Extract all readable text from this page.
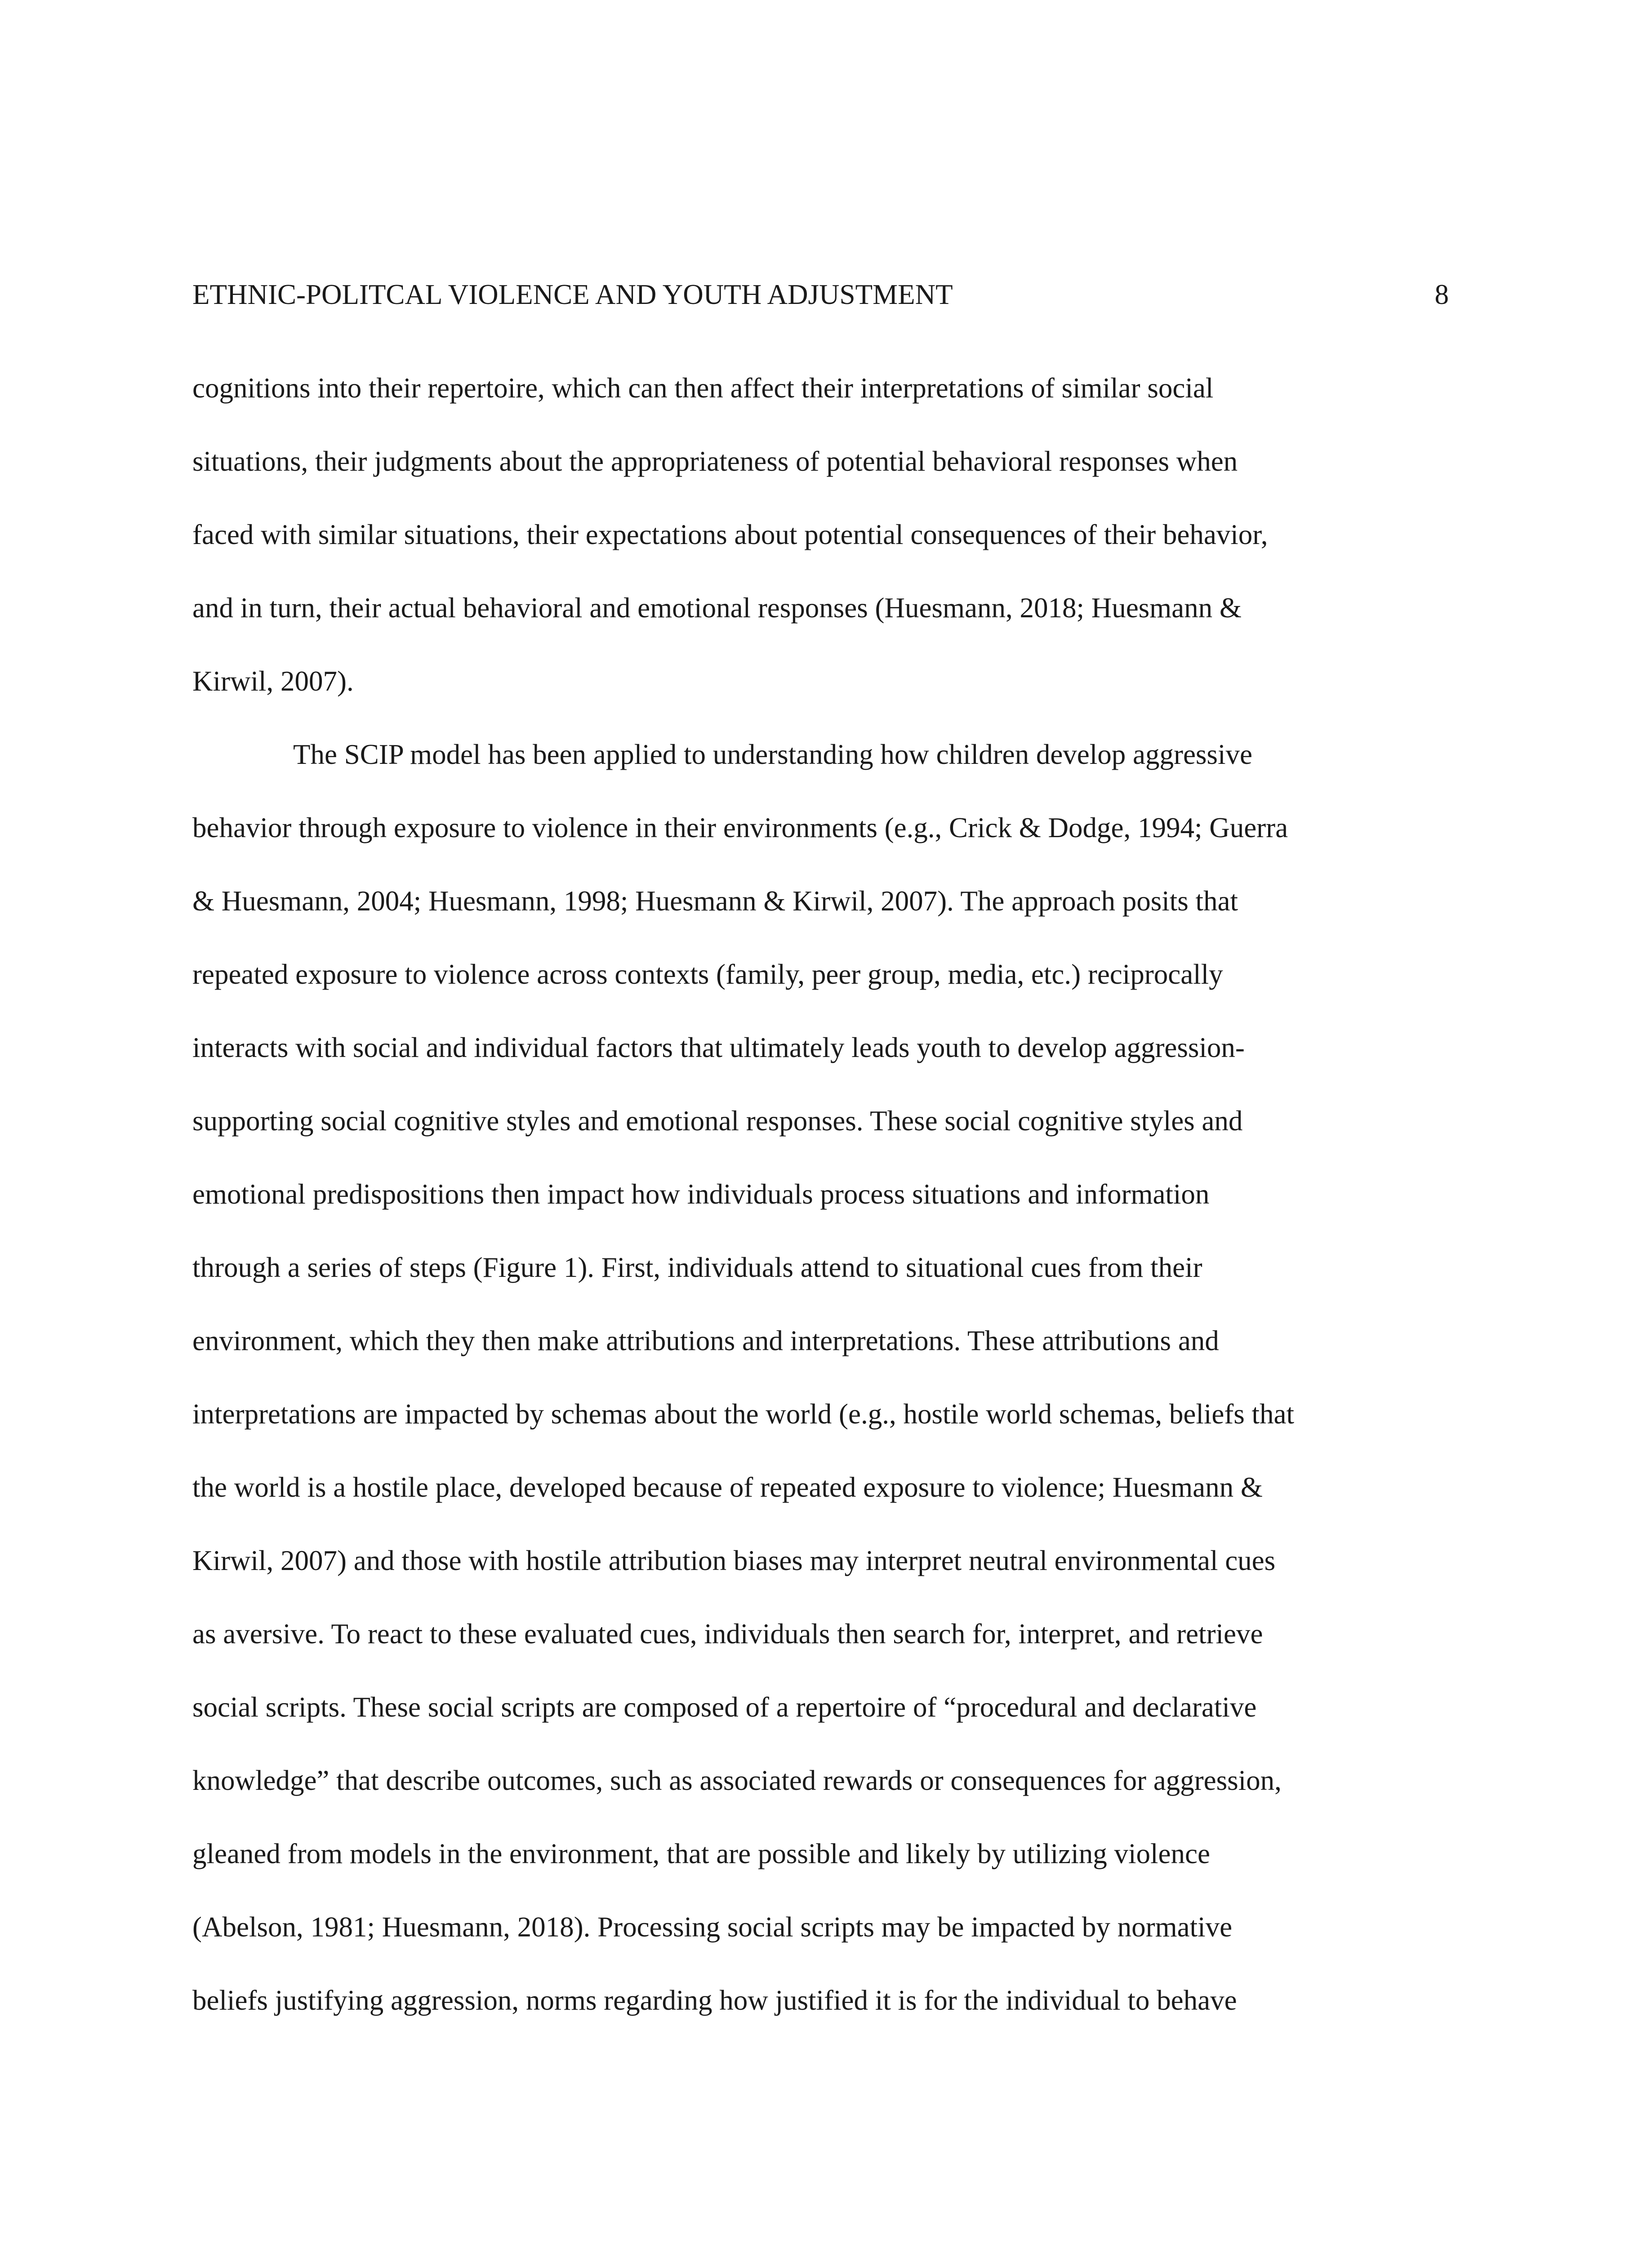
ETHNIC-POLITCAL VIOLENCE AND YOUTH ADJUSTMENT	8
cognitions into their repertoire, which can then affect their interpretations of similar social
situations, their judgments about the appropriateness of potential behavioral responses when
faced with similar situations, their expectations about potential consequences of their behavior,
and in turn, their actual behavioral and emotional responses (Huesmann, 2018; Huesmann &
Kirwil, 2007).
The SCIP model has been applied to understanding how children develop aggressive
behavior through exposure to violence in their environments (e.g., Crick & Dodge, 1994; Guerra
& Huesmann, 2004; Huesmann, 1998; Huesmann & Kirwil, 2007). The approach posits that
repeated exposure to violence across contexts (family, peer group, media, etc.) reciprocally
interacts with social and individual factors that ultimately leads youth to develop aggression-
supporting social cognitive styles and emotional responses. These social cognitive styles and
emotional predispositions then impact how individuals process situations and information
through a series of steps (Figure 1). First, individuals attend to situational cues from their
environment, which they then make attributions and interpretations. These attributions and
interpretations are impacted by schemas about the world (e.g., hostile world schemas, beliefs that
the world is a hostile place, developed because of repeated exposure to violence; Huesmann &
Kirwil, 2007) and those with hostile attribution biases may interpret neutral environmental cues
as aversive. To react to these evaluated cues, individuals then search for, interpret, and retrieve
social scripts. These social scripts are composed of a repertoire of “procedural and declarative
knowledge” that describe outcomes, such as associated rewards or consequences for aggression,
gleaned from models in the environment, that are possible and likely by utilizing violence
(Abelson, 1981; Huesmann, 2018). Processing social scripts may be impacted by normative
beliefs justifying aggression, norms regarding how justified it is for the individual to behave
